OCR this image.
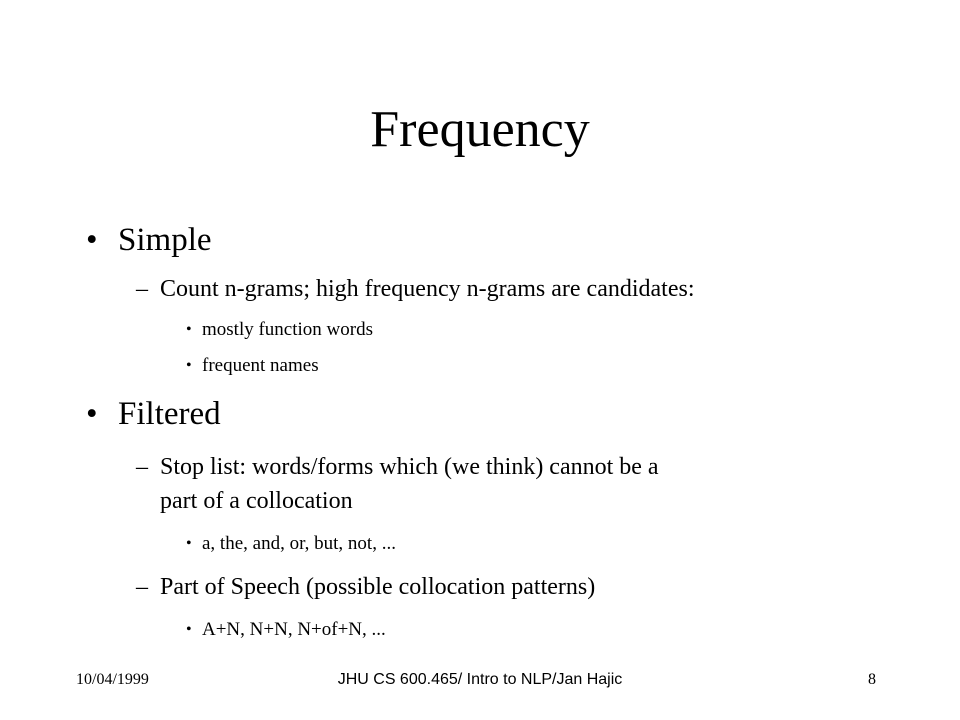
Frequency
• Simple
– Count n-grams; high frequency n-grams are candidates:
• mostly function words
• frequent names
• Filtered
– Stop list: words/forms which (we think) cannot be a
part of a collocation
• a, the, and, or, but, not, ...
– Part of Speech (possible collocation patterns)
• A+N, N+N, N+of+N, ...
10/04/1999	JHU CS 600.465/ Intro to NLP/Jan Hajic	8
